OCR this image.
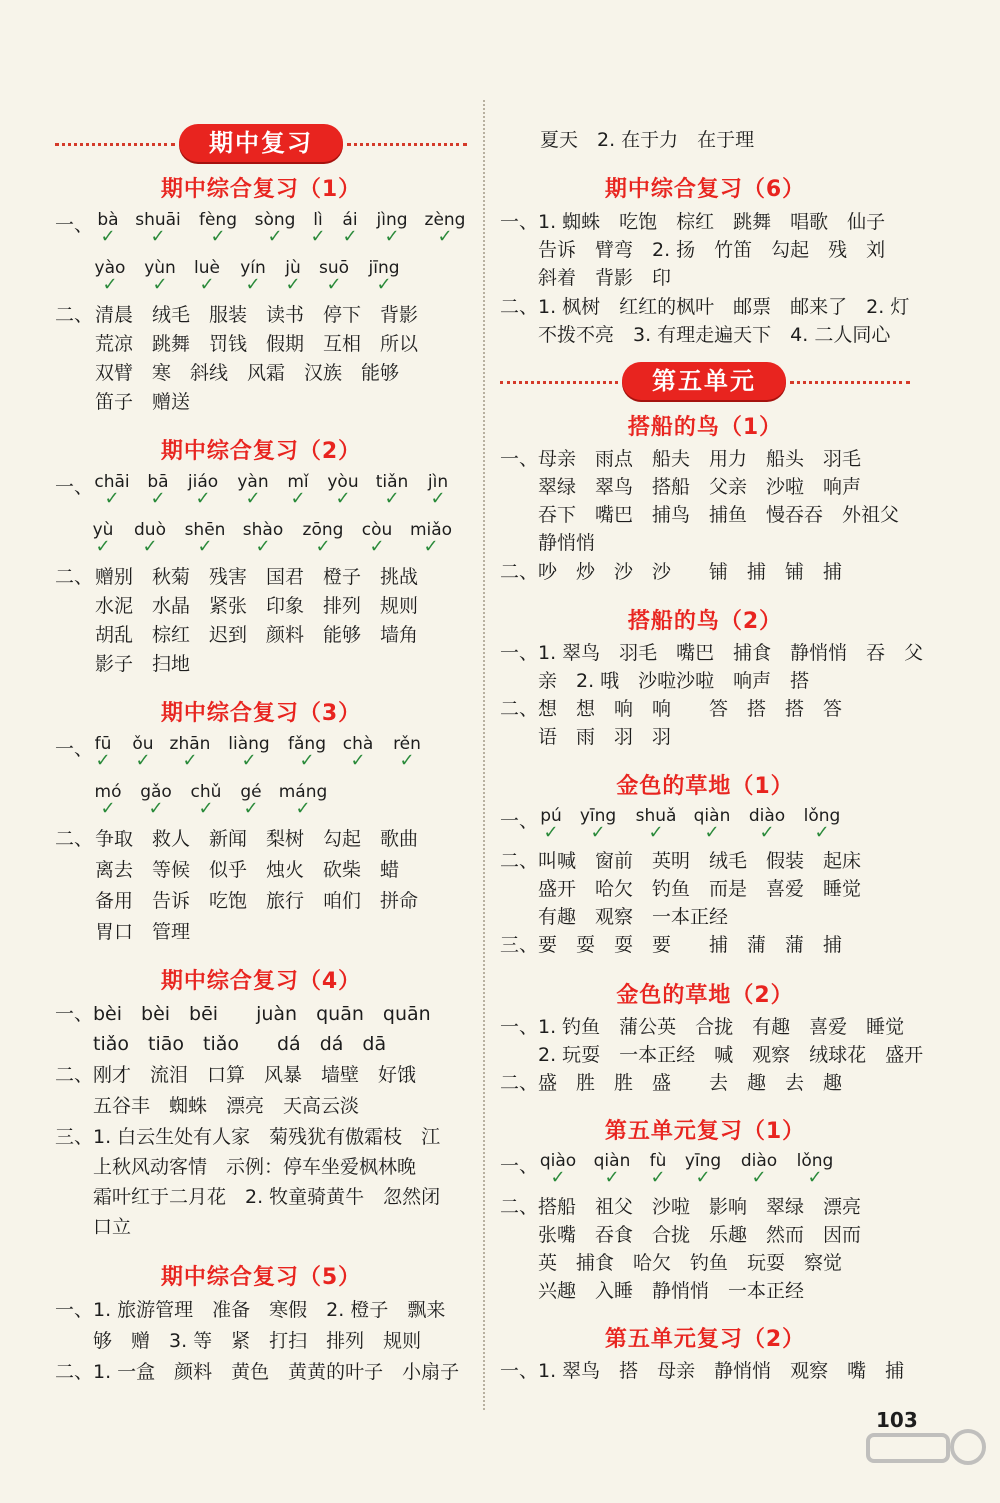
期中复习
期中综合复习（1）
一、 bà
✓
shuāi
✓
fèng
✓
sòng
✓
lì
✓
ái
✓
jìng
✓
zèng
✓
yào
✓
yùn
✓
luè
✓
yín
✓
jù
✓
suō
✓
jīng
✓
二、 清晨　绒毛　服装　读书　停下　背影
荒凉　跳舞　罚钱　假期　互相　所以
双臂　寒　斜线　风霜　汉族　能够
笛子　赠送
期中综合复习（2）
一、 chāi
✓
bā
✓
jiáo
✓
yàn
✓
mǐ
✓
yòu
✓
tiǎn
✓
jìn
✓
yù
✓
duò
✓
shēn
✓
shào
✓
zōng
✓
còu
✓
miǎo
✓
二、 赠别　秋菊　残害　国君　橙子　挑战
水泥　水晶　紧张　印象　排列　规则
胡乱　棕红　迟到　颜料　能够　墙角
影子　扫地
期中综合复习（3）
一、 fū
✓
ǒu
✓
zhān
✓
liàng
✓
fǎng
✓
chà
✓
rěn
✓
mó
✓
gǎo
✓
chǔ
✓
gé
✓
máng
✓
二、 争取　救人　新闻　梨树　勾起　歌曲
离去　等候　似乎　烛火　砍柴　蜡
备用　告诉　吃饱　旅行　咱们　拼命
胃口　管理
期中综合复习（4）
一、bèi　bèi　bēi　　juàn　quān　quān
　　tiǎo　tiāo　tiǎo　　dá　dá　dā
二、刚才　流泪　口算　风暴　墙壁　好饿
　　五谷丰　蜘蛛　漂亮　天高云淡
三、1. 白云生处有人家　菊残犹有傲霜枝　江
　　上秋风动客情　示例：停车坐爱枫林晚
　　霜叶红于二月花　2. 牧童骑黄牛　忽然闭
　　口立
期中综合复习（5）
一、1. 旅游管理　准备　寒假　2. 橙子　飘来
　　够　赠　3. 等　紧　打扫　排列　规则
二、1. 一盒　颜料　黄色　黄黄的叶子　小扇子
夏天　2. 在于力　在于理
期中综合复习（6）
一、1. 蜘蛛　吃饱　棕红　跳舞　唱歌　仙子
　　告诉　臂弯　2. 扬　竹笛　勾起　残　刘
　　斜着　背影　印
二、1. 枫树　红红的枫叶　邮票　邮来了　2. 灯
　　不拨不亮　3. 有理走遍天下　4. 二人同心
第五单元
搭船的鸟（1）
一、母亲　雨点　船夫　用力　船头　羽毛
　　翠绿　翠鸟　搭船　父亲　沙啦　响声
　　吞下　嘴巴　捕鸟　捕鱼　慢吞吞　外祖父
　　静悄悄
二、吵　炒　沙　沙　　铺　捕　铺　捕
搭船的鸟（2）
一、1. 翠鸟　羽毛　嘴巴　捕食　静悄悄　吞　父
　　亲　2. 哦　沙啦沙啦　响声　搭
二、想　想　响　响　　答　搭　搭　答
　　语　雨　羽　羽
金色的草地（1）
一、 pú
✓
yīng
✓
shuǎ
✓
qiàn
✓
diào
✓
lǒng
✓
二、叫喊　窗前　英明　绒毛　假装　起床
　　盛开　哈欠　钓鱼　而是　喜爱　睡觉
　　有趣　观察　一本正经
三、要　耍　耍　要　　捕　蒲　蒲　捕
金色的草地（2）
一、1. 钓鱼　蒲公英　合拢　有趣　喜爱　睡觉
　　2. 玩耍　一本正经　喊　观察　绒球花　盛开
二、盛　胜　胜　盛　　去　趣　去　趣
第五单元复习（1）
一、 qiào
✓
qiàn
✓
fù
✓
yīng
✓
diào
✓
lǒng
✓
二、搭船　祖父　沙啦　影响　翠绿　漂亮
　　张嘴　吞食　合拢　乐趣　然而　因而
　　英　捕食　哈欠　钓鱼　玩耍　察觉
　　兴趣　入睡　静悄悄　一本正经
第五单元复习（2）
一、1. 翠鸟　搭　母亲　静悄悄　观察　嘴　捕
103
